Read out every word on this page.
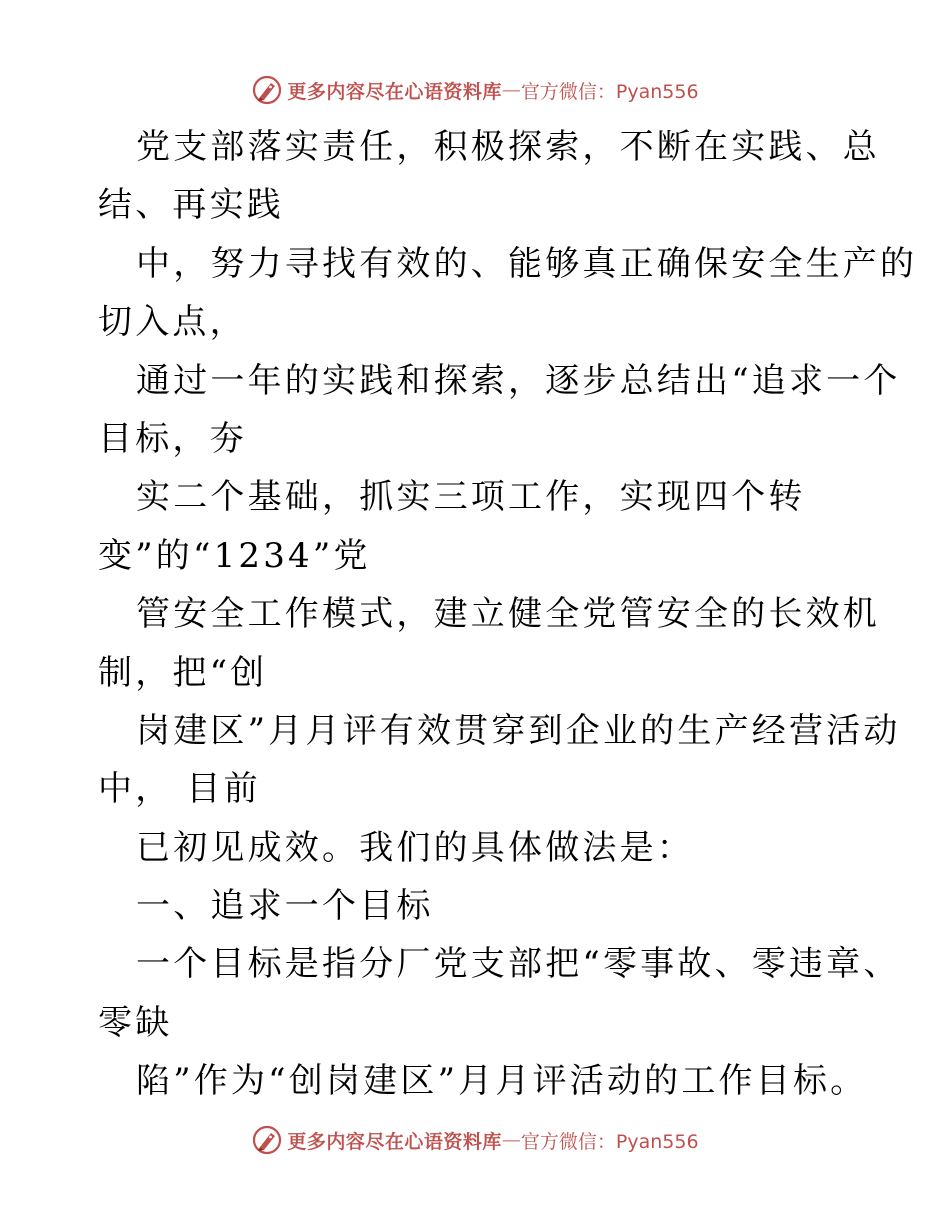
更多内容尽在心语资料库 — 官方微信：Pyan556
党支部落实责任，积极探索，不断在实践、总
结、再实践
中，努力寻找有效的、能够真正确保安全生产的
切入点，
通过一年的实践和探索，逐步总结出“追求一个
目标，夯
实二个基础，抓实三项工作，实现四个转
变”的“1234”党
管安全工作模式，建立健全党管安全的长效机
制，把“创
岗建区”月月评有效贯穿到企业的生产经营活动
中， 目前
已初见成效。我们的具体做法是：
一、追求一个目标
一个目标是指分厂党支部把“零事故、零违章、
零缺
陷”作为“创岗建区”月月评活动的工作目标。
更多内容尽在心语资料库 — 官方微信：Pyan556
